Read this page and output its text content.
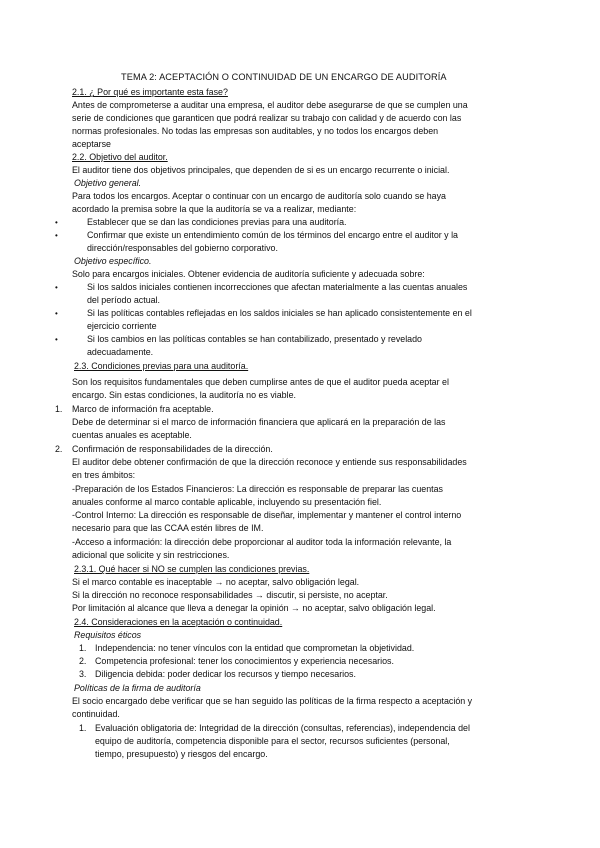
TEMA 2: ACEPTACIÓN O CONTINUIDAD DE UN ENCARGO DE AUDITORÍA
2.1. ¿ Por qué es importante esta fase?
Antes de comprometerse a auditar una empresa, el auditor debe asegurarse de que se cumplen una
serie de condiciones que garanticen que podrá realizar su trabajo con calidad y de acuerdo con las
normas profesionales. No todas las empresas son auditables, y no todos los encargos deben
aceptarse
2.2. Objetivo del auditor.
El auditor tiene dos objetivos principales, que dependen de si es un encargo recurrente o inicial.
Objetivo general.
Para todos los encargos. Aceptar o continuar con un encargo de auditoría solo cuando se haya
acordado la premisa sobre la que la auditoría se va a realizar, mediante:
•	Establecer que se dan las condiciones previas para una auditoría.
•	Confirmar que existe un entendimiento común de los términos del encargo entre el auditor y la
dirección/responsables del gobierno corporativo.
Objetivo específico.
Solo para encargos iniciales. Obtener evidencia de auditoría suficiente y adecuada sobre:
•	Si los saldos iniciales contienen incorrecciones que afectan materialmente a las cuentas anuales
del período actual.
•	Si las políticas contables reflejadas en los saldos iniciales se han aplicado consistentemente en el
ejercicio corriente
•	Si los cambios en las políticas contables se han contabilizado, presentado y revelado
adecuadamente.
2.3. Condiciones previas para una auditoría.
Son los requisitos fundamentales que deben cumplirse antes de que el auditor pueda aceptar el
encargo. Sin estas condiciones, la auditoría no es viable.
1. Marco de información fra aceptable.
Debe de determinar si el marco de información financiera que aplicará en la preparación de las
cuentas anuales es aceptable.
2. Confirmación de responsabilidades de la dirección.
El auditor debe obtener confirmación de que la dirección reconoce y entiende sus responsabilidades
en tres ámbitos:
-Preparación de los Estados Financieros: La dirección es responsable de preparar las cuentas
anuales conforme al marco contable aplicable, incluyendo su presentación fiel.
-Control Interno: La dirección es responsable de diseñar, implementar y mantener el control interno
necesario para que las CCAA estén libres de IM.
-Acceso a información: la dirección debe proporcionar al auditor toda la información relevante, la
adicional que solicite y sin restricciones.
2.3.1. Qué hacer si NO se cumplen las condiciones previas.
Si el marco contable es inaceptable → no aceptar, salvo obligación legal.
Si la dirección no reconoce responsabilidades → discutir, si persiste, no aceptar.
Por limitación al alcance que lleva a denegar la opinión → no aceptar, salvo obligación legal.
2.4. Consideraciones en la aceptación o continuidad.
Requisitos éticos
1. Independencia: no tener vínculos con la entidad que comprometan la objetividad.
2. Competencia profesional: tener los conocimientos y experiencia necesarios.
3. Diligencia debida: poder dedicar los recursos y tiempo necesarios.
Políticas de la firma de auditoría
El socio encargado debe verificar que se han seguido las políticas de la firma respecto a aceptación y
continuidad.
1. Evaluación obligatoria de: Integridad de la dirección (consultas, referencias), independencia del
equipo de auditoría, competencia disponible para el sector, recursos suficientes (personal,
tiempo, presupuesto) y riesgos del encargo.
